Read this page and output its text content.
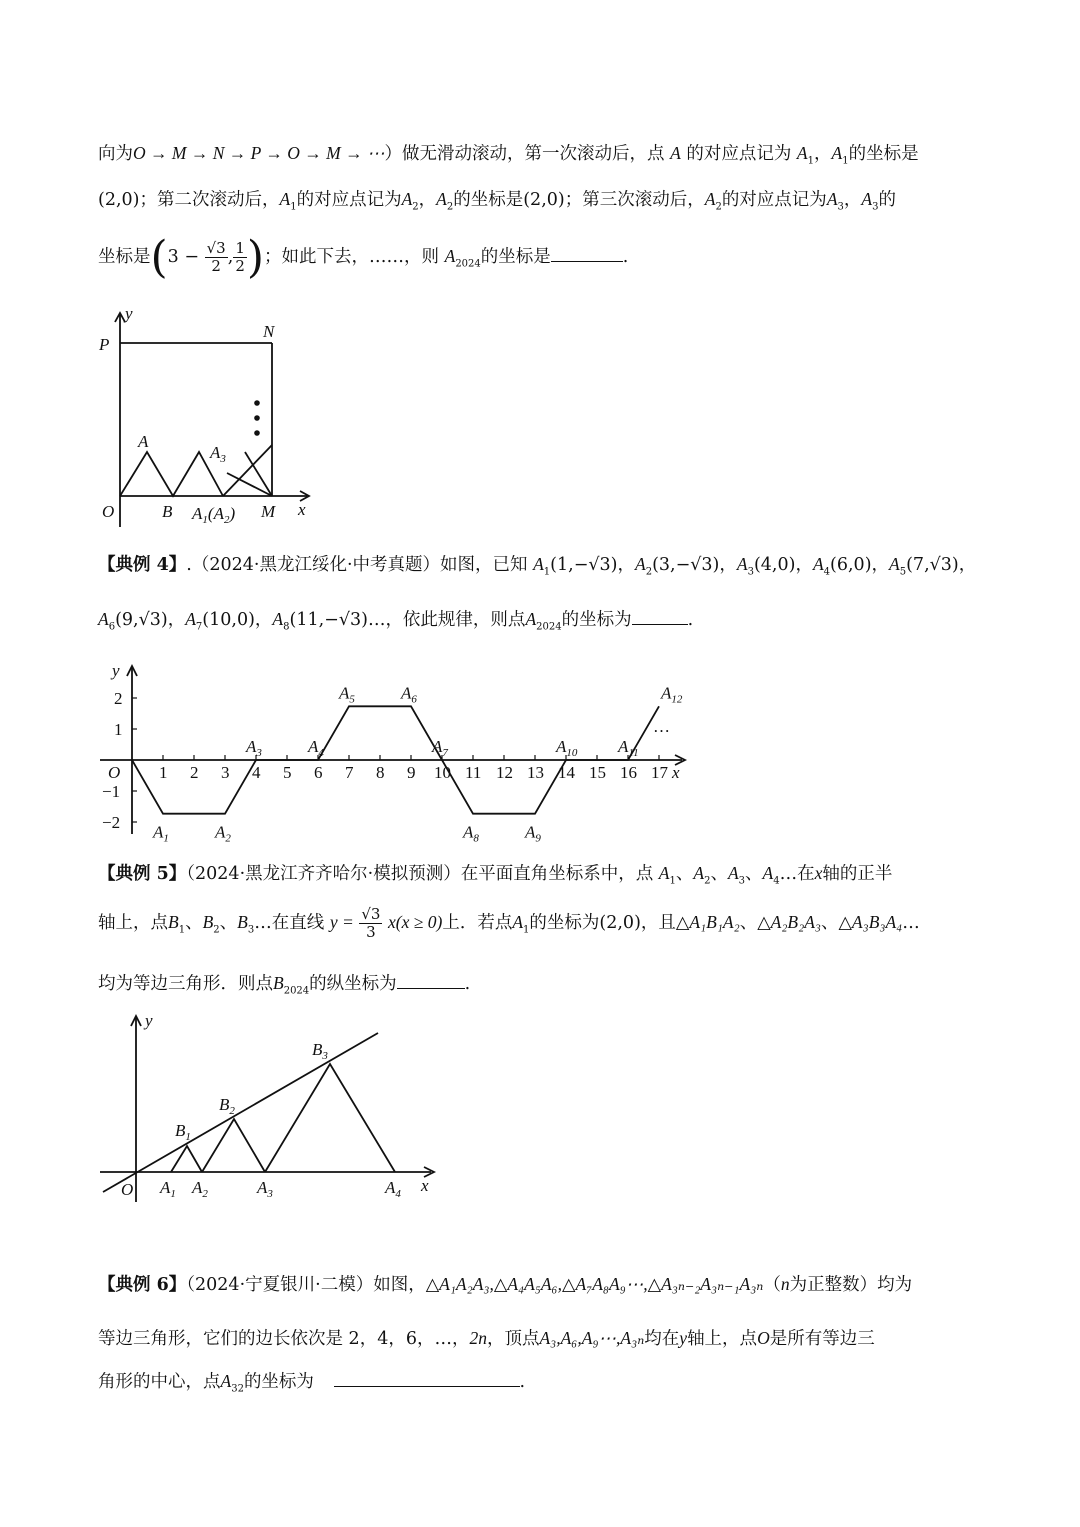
向为O → M → N → P → O → M → ⋯）做无滑动滚动，第一次滚动后，点 A 的对应点记为 $A_1$，$A_1$的坐标是
(2,0)；第二次滚动后，$A_1$的对应点记为$A_2$，$A_2$的坐标是(2,0)；第三次滚动后，$A_2$的对应点记为$A_3$，$A_3$的
坐标是($3 - \frac{√3}{2}$ , $\frac{1}{2}$ )；如此下去，……，则 $A_{2024}$的坐标是	.
y
P
N
A
$A_3$
O	B $A_1(A_2)$ M x
【典例 4】.（2024·黑龙江绥化·中考真题）如图，已知 $A_1(1,-√3)$，$A_2(3,-√3)$，$A_3(4,0)$，$A_4(6,0)$，$A_5(7,√3)$，
$A_6(9,√3)$，$A_7(10,0)$，$A_8(11,-√3)\dots$，依此规律，则点$A_{2024}$的坐标为	.
1 2 3 4 5 6 7 8 9 10 11 12 13 14 15 16 17
2
1
−1
−2
O	x
y
$A_1$	$A_2$
$A_3$	$A_4$
$A_5$	$A_6$
$A_7$
$A_8$	$A_9$
$A_{10}$ $A_{11}$
$A_{12}$
…
【典例 5】（2024·黑龙江齐齐哈尔·模拟预测）在平面直角坐标系中，点 $A_1$、$A_2$、$A_3$、$A_4\dots$在x轴的正半
轴上，点$B_1$、$B_2$、$B_3\dots$在直线 $y = \frac{√3}{3} x(x \ge 0)$上．若点$A_1$的坐标为(2,0)，且△A₁B₁A₂、△A₂B₂A₃、△A₃B₃A₄…
均为等边三角形．则点$B_{2024}$的纵坐标为	.
y
x
O
$B_1$
$B_2$
$B_3$
$A_1$ $A_2$	$A_3$	$A_4$
【典例 6】（2024·宁夏银川·二模）如图，△A₁A₂A₃,△A₄A₅A₆,△A₇A₈A₉⋯,△A₃ₙ₋₂A₃ₙ₋₁A₃ₙ（n为正整数）均为
等边三角形，它们的边长依次是 2，4，6，…，2n，顶点A₃,A₆,A₉⋯,A₃ₙ均在y轴上，点O是所有等边三
角形的中心，点$A_{32}$的坐标为	.
